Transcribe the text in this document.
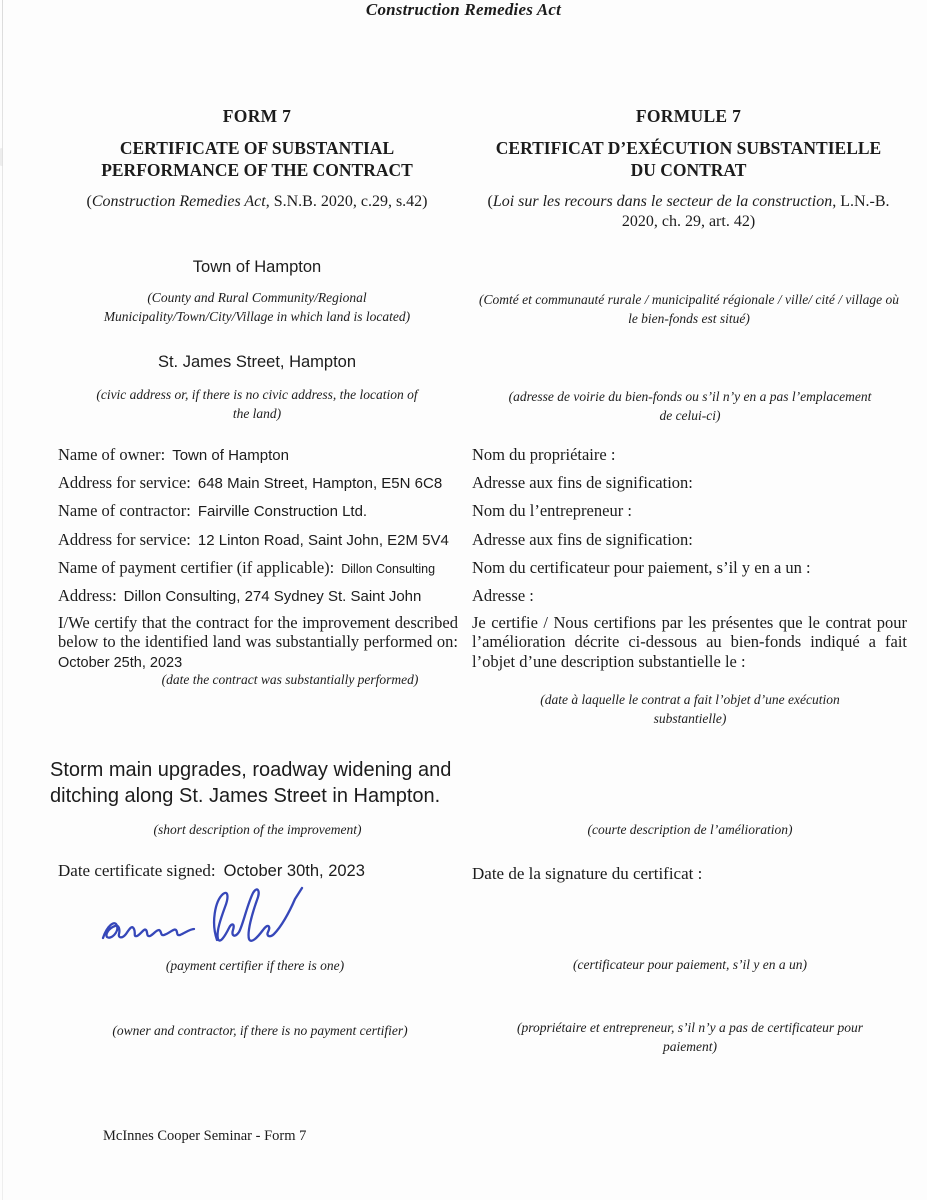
Construction Remedies Act
FORM 7
CERTIFICATE OF SUBSTANTIAL
PERFORMANCE OF THE CONTRACT
(Construction Remedies Act, S.N.B. 2020, c.29, s.42)
FORMULE 7
CERTIFICAT D’EXÉCUTION SUBSTANTIELLE
DU CONTRAT
(Loi sur les recours dans le secteur de la construction, L.N.-B. 2020, ch. 29, art. 42)
Town of Hampton
(County and Rural Community/Regional Municipality/Town/City/Village in which land is located)
(Comté et communauté rurale / municipalité régionale / ville/ cité / village où le bien-fonds est situé)
St. James Street, Hampton
(civic address or, if there is no civic address, the location of the land)
(adresse de voirie du bien-fonds ou s’il n’y en a pas l’emplacement de celui-ci)
Name of owner: Town of Hampton
Address for service: 648 Main Street, Hampton, E5N 6C8
Name of contractor: Fairville Construction Ltd.
Address for service: 12 Linton Road, Saint John, E2M 5V4
Name of payment certifier (if applicable): Dillon Consulting
Address: Dillon Consulting, 274 Sydney St. Saint John
Nom du propriétaire :
Adresse aux fins de signification:
Nom du l’entrepreneur :
Adresse aux fins de signification:
Nom du certificateur pour paiement, s’il y en a un :
Adresse :
I/We certify that the contract for the improvement described below to the identified land was substantially performed on: October 25th, 2023
(date the contract was substantially performed)
Je certifie / Nous certifions par les présentes que le contrat pour l’amélioration décrite ci-dessous au bien-fonds indiqué a fait l’objet d’une description substantielle le :
(date à laquelle le contrat a fait l’objet d’une exécution substantielle)
Storm main upgrades, roadway widening and ditching along St. James Street in Hampton.
(short description of the improvement)	(courte description de l’amélioration)
Date certificate signed: October 30th, 2023	Date de la signature du certificat :
(payment certifier if there is one)	(certificateur pour paiement, s’il y en a un)
(owner and contractor, if there is no payment certifier)	(propriétaire et entrepreneur, s’il n’y a pas de certificateur pour paiement)
McInnes Cooper Seminar - Form 7
